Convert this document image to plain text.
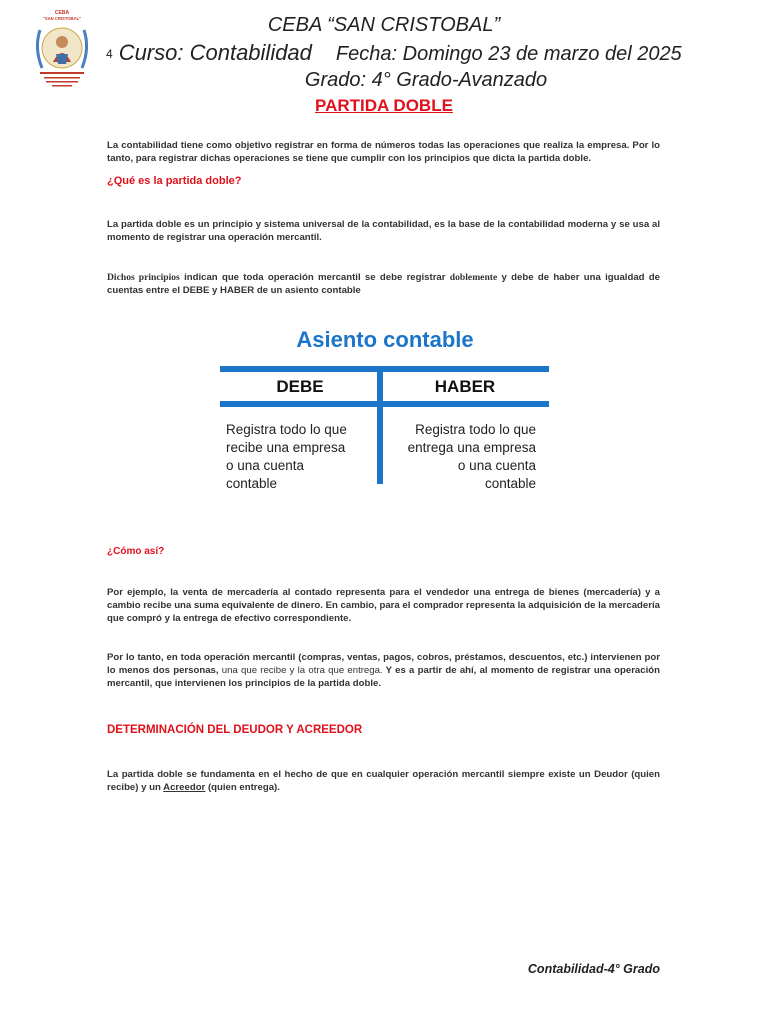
CEBA
"SAN CRISTOBAL"	CEBA “SAN CRISTOBAL”
4 Curso: Contabilidad Fecha: Domingo 23 de marzo del 2025
Grado: 4° Grado-Avanzado
PARTIDA DOBLE
La contabilidad tiene como objetivo registrar en forma de números todas las operaciones que realiza la empresa. Por lo tanto, para registrar dichas operaciones se tiene que cumplir con los principios que dicta la partida doble.
¿Qué es la partida doble?
La partida doble es un principio y sistema universal de la contabilidad, es la base de la contabilidad moderna y se usa al momento de registrar una operación mercantil.
Dichos principios indican que toda operación mercantil se debe registrar doblemente y debe de haber una igualdad de cuentas entre el DEBE y HABER de un asiento contable
Asiento contable
DEBE	HABER
Registra todo lo que
recibe una empresa
o una cuenta
contable
Registra todo lo que
entrega una empresa
o una cuenta
contable
¿Cómo así?
Por ejemplo, la venta de mercadería al contado representa para el vendedor una entrega de bienes (mercadería) y a cambio recibe una suma equivalente de dinero. En cambio, para el comprador representa la adquisición de la mercadería que compró y la entrega de efectivo correspondiente.
Por lo tanto, en toda operación mercantil (compras, ventas, pagos, cobros, préstamos, descuentos, etc.) intervienen por lo menos dos personas, una que recibe y la otra que entrega. Y es a partir de ahí, al momento de registrar una operación mercantil, que intervienen los principios de la partida doble.
DETERMINACIÓN DEL DEUDOR Y ACREEDOR
La partida doble se fundamenta en el hecho de que en cualquier operación mercantil siempre existe un Deudor (quien recibe) y un Acreedor (quien entrega).
Contabilidad-4° Grado
